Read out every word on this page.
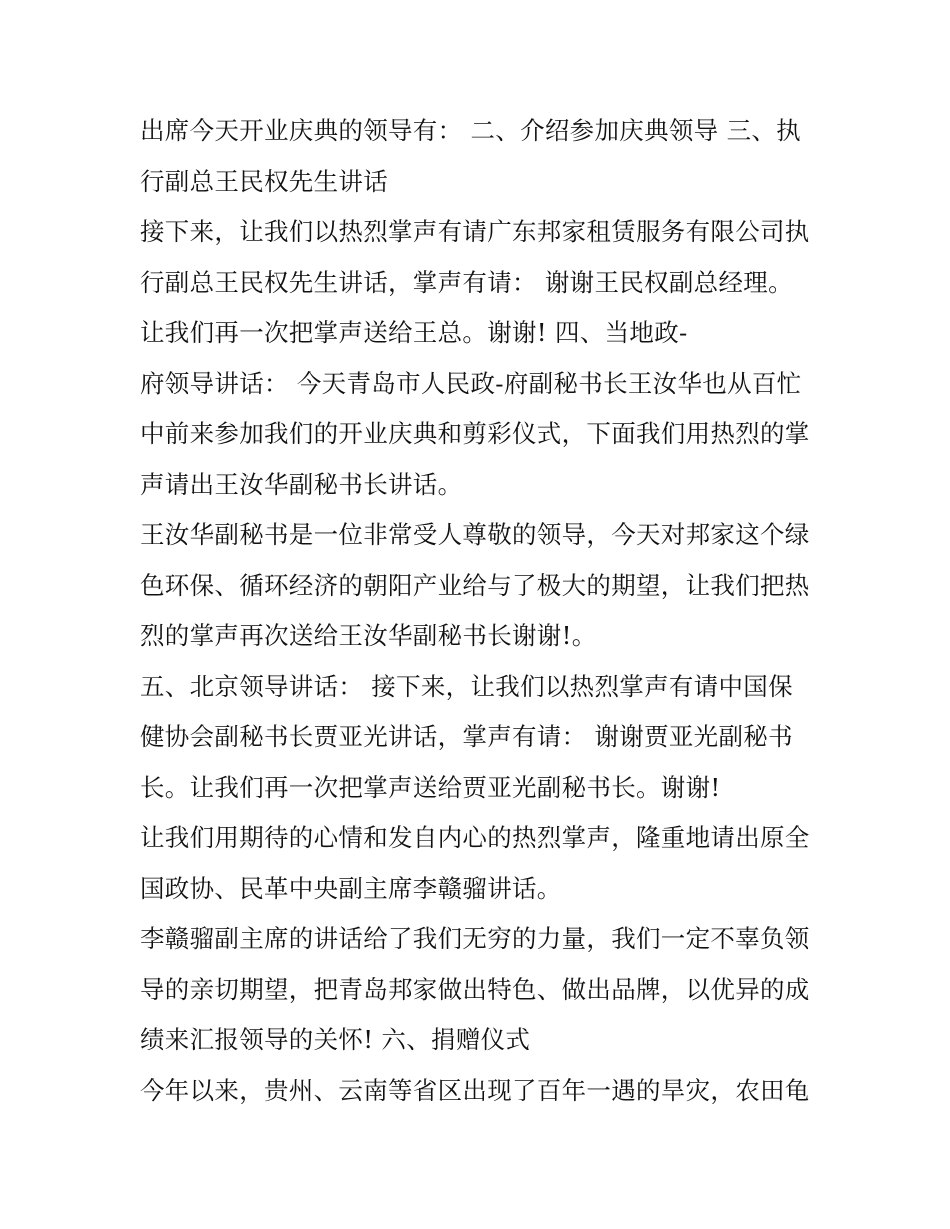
出席今天开业庆典的领导有： 二、介绍参加庆典领导 三、执

行副总王民权先生讲话

接下来，让我们以热烈掌声有请广东邦家租赁服务有限公司执

行副总王民权先生讲话，掌声有请： 谢谢王民权副总经理。

让我们再一次把掌声送给王总。谢谢! 四、当地政-

府领导讲话： 今天青岛市人民政-府副秘书长王汝华也从百忙

中前来参加我们的开业庆典和剪彩仪式，下面我们用热烈的掌

声请出王汝华副秘书长讲话。

王汝华副秘书是一位非常受人尊敬的领导，今天对邦家这个绿

色环保、循环经济的朝阳产业给与了极大的期望，让我们把热

烈的掌声再次送给王汝华副秘书长谢谢!。

五、北京领导讲话： 接下来，让我们以热烈掌声有请中国保

健协会副秘书长贾亚光讲话，掌声有请： 谢谢贾亚光副秘书

长。让我们再一次把掌声送给贾亚光副秘书长。谢谢!

让我们用期待的心情和发自内心的热烈掌声，隆重地请出原全

国政协、民革中央副主席李赣骝讲话。

李赣骝副主席的讲话给了我们无穷的力量，我们一定不辜负领

导的亲切期望，把青岛邦家做出特色、做出品牌，以优异的成

绩来汇报领导的关怀! 六、捐赠仪式

今年以来，贵州、云南等省区出现了百年一遇的旱灾，农田龟
